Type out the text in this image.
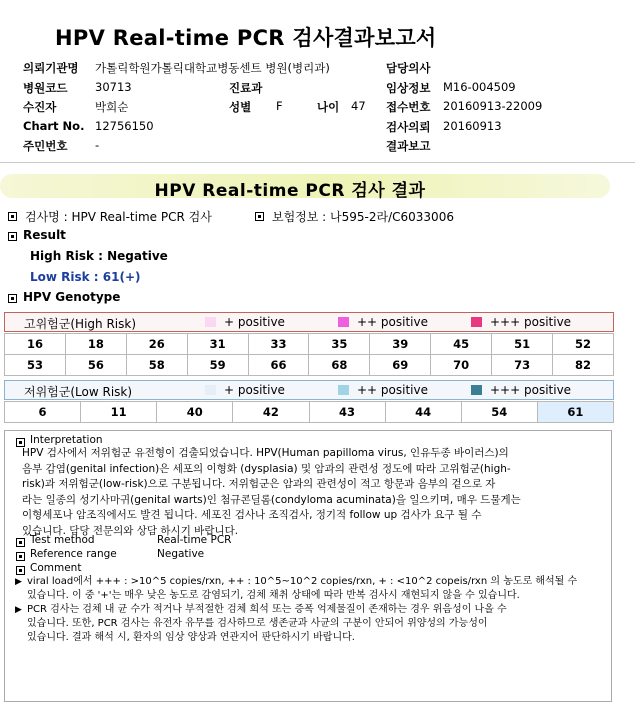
HPV Real-time PCR 검사결과보고서
의뢰기관명 가톨릭학원가톨릭대학교병동센트 병원(병리과)
병원코드 30713	진료과
수진자	박희순	성별 F	나이 47
Chart No. 12756150
주민번호 -
담당의사
임상정보 M16-004509
접수번호 20160913-22009
검사의뢰 20160913
결과보고
HPV Real-time PCR 검사 결과
검사명 : HPV Real-time PCR 검사	보험정보 : 나595-2라/C6033006
Result
High Risk : Negative
Low Risk : 61(+)
HPV Genotype
고위험군(High Risk)	+ positive	++ positive	+++ positive
16	18	26	31	33	35	39	45	51	52
53	56	58	59	66	68	69	70	73	82
저위험군(Low Risk)	+ positive	++ positive	+++ positive
6	11	40	42	43	44	54	61
Interpretation
HPV 검사에서 저위험군 유전형이 검출되었습니다. HPV(Human papilloma virus, 인유두종 바이러스)의
음부 감염(genital infection)은 세포의 이형화 (dysplasia) 및 암과의 관련성 정도에 따라 고위험군(high-
risk)과 저위험군(low-risk)으로 구분됩니다. 저위험군은 암과의 관련성이 적고 항문과 음부의 겉으로 자
라는 일종의 성기사마귀(genital warts)인 첨규콘딜롬(condyloma acuminata)을 일으키며, 매우 드물게는
이형세포나 암조직에서도 발견 됩니다. 세포진 검사나 조직검사, 정기적 follow up 검사가 요구 될 수
있습니다. 담당 전문의와 상담 하시기 바랍니다.
Test method	Real-time PCR
Reference range	Negative
Comment
▶ viral load에서 +++ : >10^5 copies/rxn, ++ : 10^5~10^2 copies/rxn, + : <10^2 copeis/rxn 의 농도로 해석될 수
있습니다. 이 중 '+'는 매우 낮은 농도로 감염되기, 검체 채취 상태에 따라 반복 검사시 재현되지 않을 수 있습니다.
▶ PCR 검사는 검체 내 균 수가 적거나 부적절한 검체 희석 또는 증폭 억제물질이 존재하는 경우 위음성이 나올 수
있습니다. 또한, PCR 검사는 유전자 유무를 검사하므로 생존균과 사균의 구분이 안되어 위양성의 가능성이
있습니다. 결과 해석 시, 환자의 임상 양상과 연관지어 판단하시기 바랍니다.
